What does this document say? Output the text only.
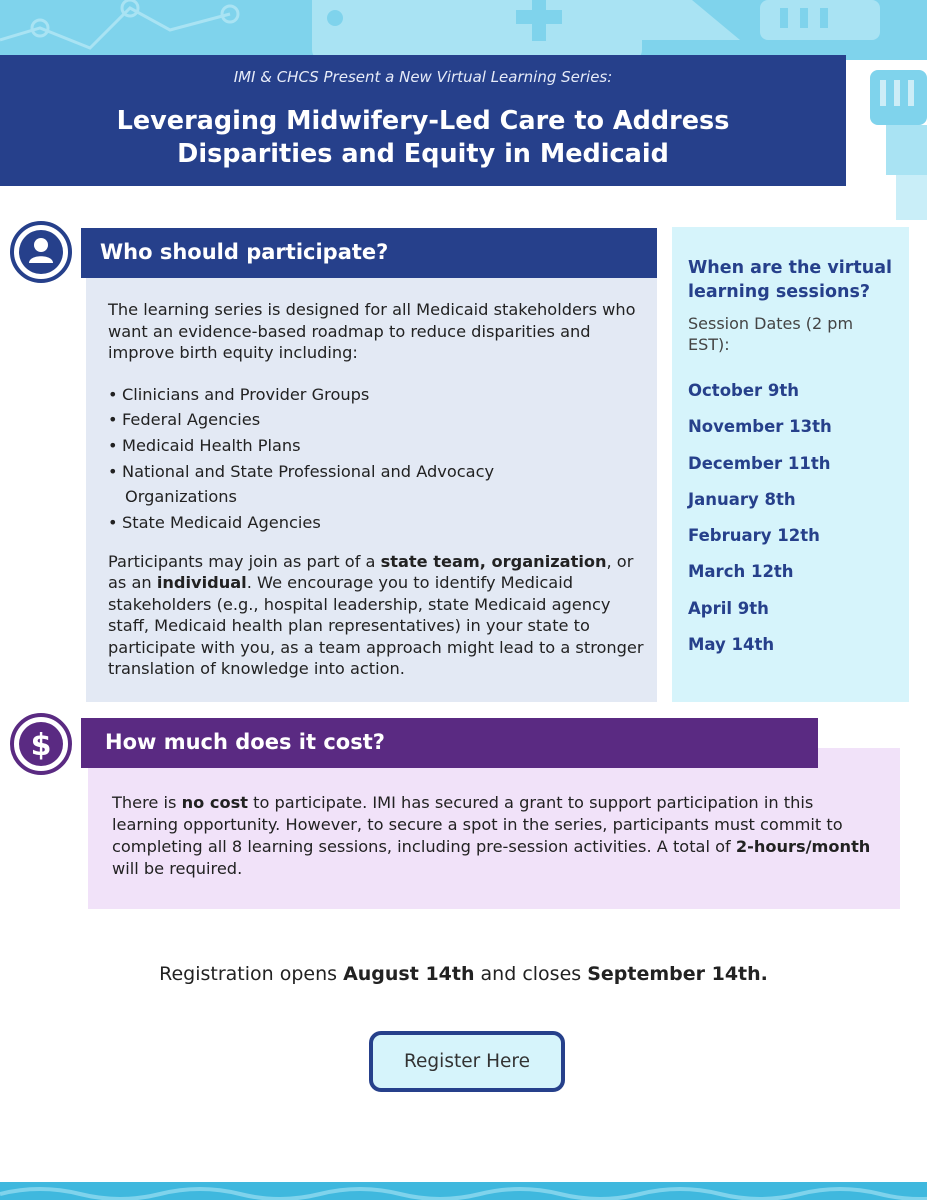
IMI & CHCS Present a New Virtual Learning Series:
Leveraging Midwifery-Led Care to Address Disparities and Equity in Medicaid
Who should participate?

The learning series is designed for all Medicaid stakeholders who want an evidence-based roadmap to reduce disparities and improve birth equity including:

• Clinicians and Provider Groups
• Federal Agencies
• Medicaid Health Plans
• National and State Professional and Advocacy
Organizations
• State Medicaid Agencies

Participants may join as part of a state team, organization, or as an individual. We encourage you to identify Medicaid stakeholders (e.g., hospital leadership, state Medicaid agency staff, Medicaid health plan representatives) in your state to participate with you, as a team approach might lead to a stronger translation of knowledge into action.

When are the virtual learning sessions?
Session Dates (2 pm EST):
October 9th
November 13th
December 11th
January 8th
February 12th
March 12th
April 9th
May 14th
$	How much does it cost?
There is no cost to participate. IMI has secured a grant to support participation in this learning opportunity. However, to secure a spot in the series, participants must commit to completing all 8 learning sessions, including pre-session activities. A total of 2-hours/month will be required.
Registration opens August 14th and closes September 14th.
Register Here
